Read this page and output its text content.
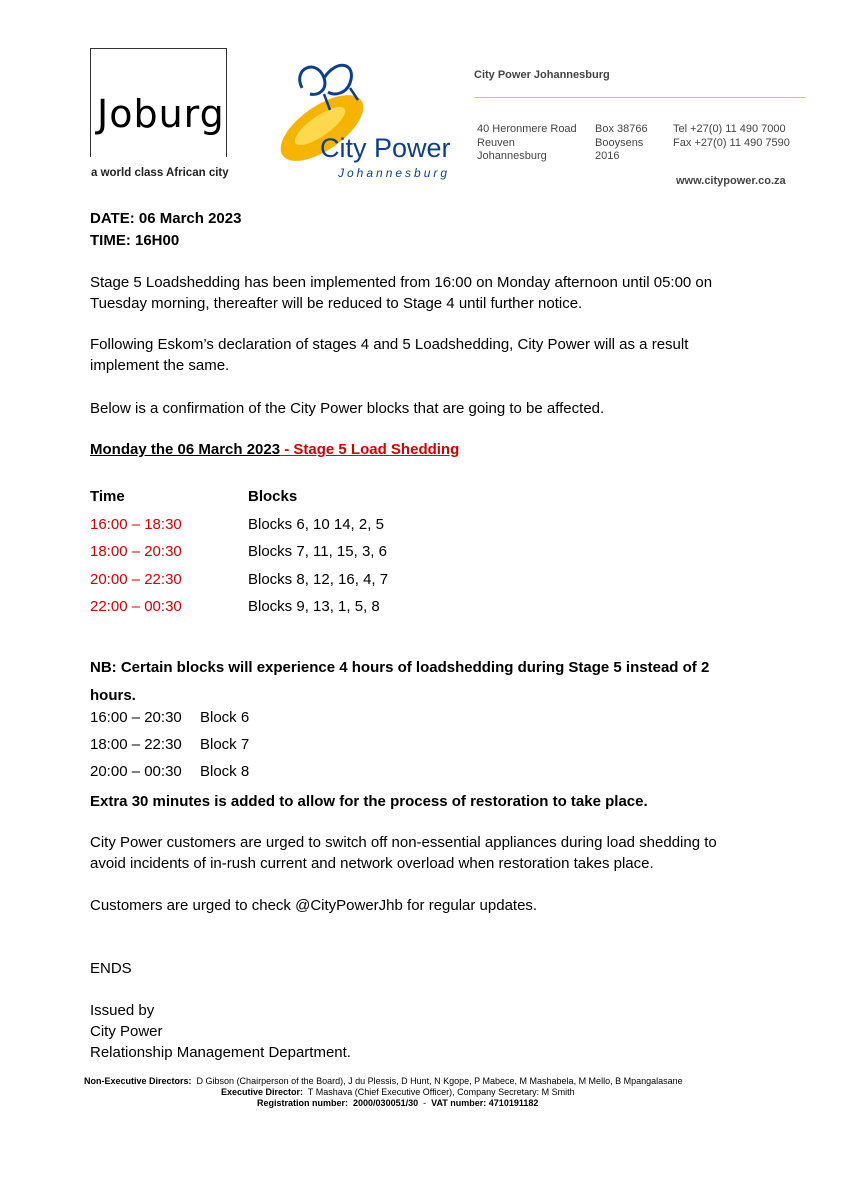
Joburg
a world class African city
City Power
Johannesburg
City Power Johannesburg
40 Heronmere Road
Reuven
Johannesburg
Box 38766
Booysens
2016
Tel +27(0) 11 490 7000
Fax +27(0) 11 490 7590
www.citypower.co.za
DATE: 06 March 2023
TIME: 16H00
Stage 5 Loadshedding has been implemented from 16:00 on Monday afternoon until 05:00 on
Tuesday morning, thereafter will be reduced to Stage 4 until further notice.
Following Eskom’s declaration of stages 4 and 5 Loadshedding, City Power will as a result
implement the same.
Below is a confirmation of the City Power blocks that are going to be affected.
Monday the 06 March 2023 - Stage 5 Load Shedding
Time	Blocks
16:00 – 18:30	Blocks 6, 10 14, 2, 5
18:00 – 20:30	Blocks 7, 11, 15, 3, 6
20:00 – 22:30	Blocks 8, 12, 16, 4, 7
22:00 – 00:30	Blocks 9, 13, 1, 5, 8
NB: Certain blocks will experience 4 hours of loadshedding during Stage 5 instead of 2
hours.
16:00 – 20:30 Block 6
18:00 – 22:30 Block 7
20:00 – 00:30 Block 8
Extra 30 minutes is added to allow for the process of restoration to take place.
City Power customers are urged to switch off non-essential appliances during load shedding to
avoid incidents of in-rush current and network overload when restoration takes place.
Customers are urged to check @CityPowerJhb for regular updates.
ENDS
Issued by
City Power
Relationship Management Department.
Non-Executive Directors: D Gibson (Chairperson of the Board), J du Plessis, D Hunt, N Kgope, P Mabece, M Mashabela, M Mello, B Mpangalasane
Executive Director: T Mashava (Chief Executive Officer), Company Secretary: M Smith
Registration number: 2000/030051/30  -  VAT number: 4710191182
